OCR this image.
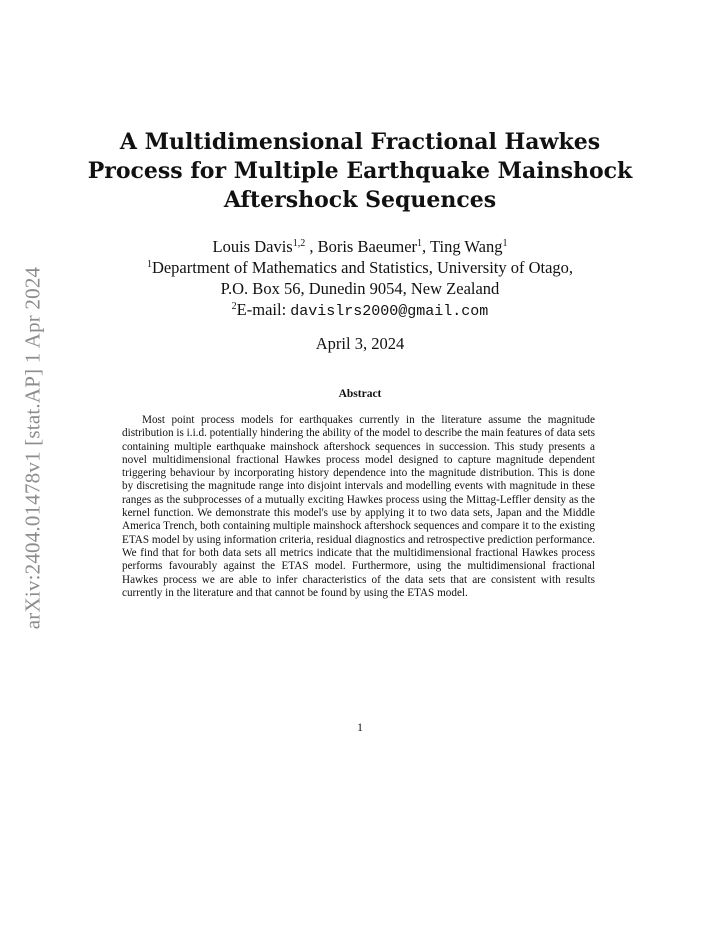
arXiv:2404.01478v1 [stat.AP] 1 Apr 2024
A Multidimensional Fractional Hawkes
Process for Multiple Earthquake Mainshock
Aftershock Sequences
Louis Davis$^{1,2}$ , Boris Baeumer$^1$, Ting Wang$^1$
$^1$Department of Mathematics and Statistics, University of Otago,
P.O. Box 56, Dunedin 9054, New Zealand
$^2$E-mail: davislrs2000@gmail.com
April 3, 2024
Abstract

Most point process models for earthquakes currently in the literature assume the magnitude distribution is i.i.d. potentially hindering the ability of the model to describe the main features of data sets containing multiple earthquake mainshock aftershock sequences in succession. This study presents a novel multidimensional fractional Hawkes process model designed to capture magnitude dependent triggering behaviour by incorporating history dependence into the magnitude distribution. This is done by discretising the magnitude range into disjoint intervals and modelling events with magnitude in these ranges as the subprocesses of a mutually exciting Hawkes process using the Mittag-Leffler density as the kernel function. We demonstrate this model's use by applying it to two data sets, Japan and the Middle America Trench, both containing multiple mainshock aftershock sequences and compare it to the existing ETAS model by using information criteria, residual diagnostics and retrospective prediction performance. We find that for both data sets all metrics indicate that the multidimensional fractional Hawkes process performs favourably against the ETAS model. Furthermore, using the multidimensional fractional Hawkes process we are able to infer characteristics of the data sets that are consistent with results currently in the literature and that cannot be found by using the ETAS model.

1
